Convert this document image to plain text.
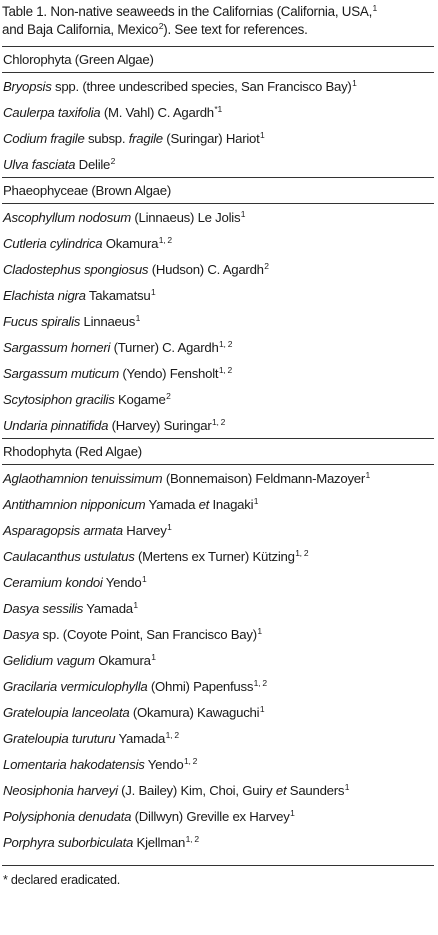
Table 1. Non-native seaweeds in the Californias (California, USA,$^1$
and Baja California, Mexico$^2$). See text for references.
Chlorophyta (Green Algae)
Bryopsis spp. (three undescribed species, San Francisco Bay)$^1$
Caulerpa taxifolia (M. Vahl) C. Agardh$^{*1}$
Codium fragile subsp. fragile (Suringar) Hariot$^1$
Ulva fasciata Delile$^2$
Phaeophyceae (Brown Algae)
Ascophyllum nodosum (Linnaeus) Le Jolis$^1$
Cutleria cylindrica Okamura$^{1, 2}$
Cladostephus spongiosus (Hudson) C. Agardh$^2$
Elachista nigra Takamatsu$^1$
Fucus spiralis Linnaeus$^1$
Sargassum horneri (Turner) C. Agardh$^{1, 2}$
Sargassum muticum (Yendo) Fensholt$^{1, 2}$
Scytosiphon gracilis Kogame$^2$
Undaria pinnatifida (Harvey) Suringar$^{1, 2}$
Rhodophyta (Red Algae)
Aglaothamnion tenuissimum (Bonnemaison) Feldmann-Mazoyer$^1$
Antithamnion nipponicum Yamada et Inagaki$^1$
Asparagopsis armata Harvey$^1$
Caulacanthus ustulatus (Mertens ex Turner) Kützing$^{1, 2}$
Ceramium kondoi Yendo$^1$
Dasya sessilis Yamada$^1$
Dasya sp. (Coyote Point, San Francisco Bay)$^1$
Gelidium vagum Okamura$^1$
Gracilaria vermiculophylla (Ohmi) Papenfuss$^{1, 2}$
Grateloupia lanceolata (Okamura) Kawaguchi$^1$
Grateloupia turuturu Yamada$^{1, 2}$
Lomentaria hakodatensis Yendo$^{1, 2}$
Neosiphonia harveyi (J. Bailey) Kim, Choi, Guiry et Saunders$^1$
Polysiphonia denudata (Dillwyn) Greville ex Harvey$^1$
Porphyra suborbiculata Kjellman$^{1, 2}$
* declared eradicated.
